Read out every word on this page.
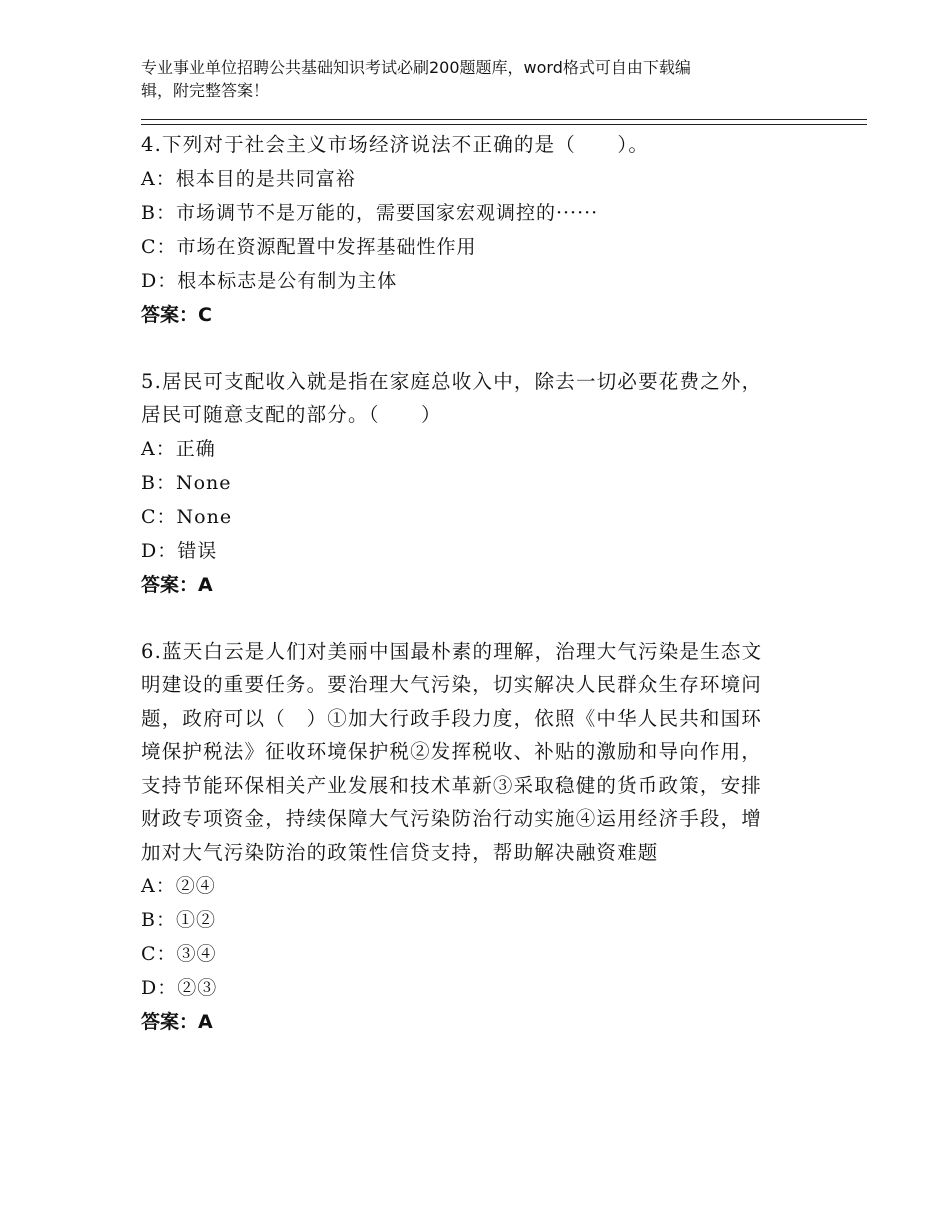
专业事业单位招聘公共基础知识考试必刷200题题库，word格式可自由下载编
辑，附完整答案！

4.下列对于社会主义市场经济说法不正确的是（　　）。

A：根本目的是共同富裕

B：市场调节不是万能的，需要国家宏观调控的······

C：市场在资源配置中发挥基础性作用

D：根本标志是公有制为主体

答案：C

5.居民可支配收入就是指在家庭总收入中，除去一切必要花费之外，

居民可随意支配的部分。（　　）

A：正确

B：None

C：None

D：错误

答案：A

6.蓝天白云是人们对美丽中国最朴素的理解，治理大气污染是生态文

明建设的重要任务。要治理大气污染，切实解决人民群众生存环境问

题，政府可以（　）①加大行政手段力度，依照《中华人民共和国环

境保护税法》征收环境保护税②发挥税收、补贴的激励和导向作用，

支持节能环保相关产业发展和技术革新③采取稳健的货币政策，安排

财政专项资金，持续保障大气污染防治行动实施④运用经济手段，增

加对大气污染防治的政策性信贷支持，帮助解决融资难题

A：②④

B：①②

C：③④

D：②③

答案：A
